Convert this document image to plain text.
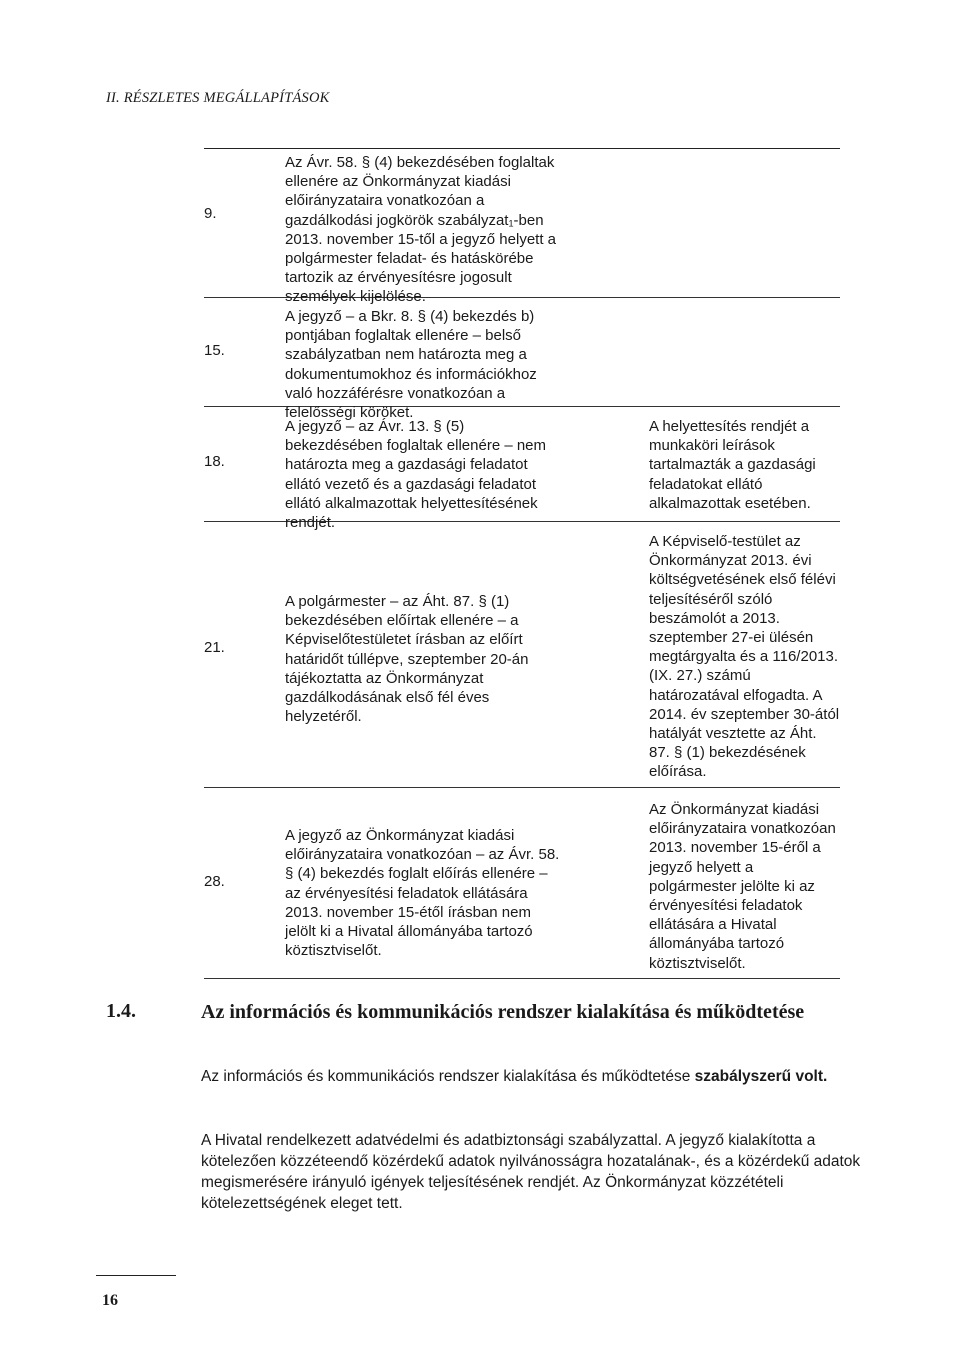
II. RÉSZLETES MEGÁLLAPÍTÁSOK
9.
Az Ávr. 58. § (4) bekezdésében foglaltak ellenére az Önkormányzat kiadási előirányzataira vonatkozóan a gazdálkodási jogkörök szabályzat₁-ben 2013. november 15-től a jegyző helyett a polgármester feladat- és hatáskörébe tartozik az érvényesítésre jogosult személyek kijelölése.
15.
A jegyző – a Bkr. 8. § (4) bekezdés b) pontjában foglaltak ellenére – belső szabályzatban nem határozta meg a dokumentumokhoz és információkhoz való hozzáférésre vonatkozóan a felelősségi köröket.
18.
A jegyző – az Ávr. 13. § (5) bekezdésében foglaltak ellenére – nem határozta meg a gazdasági feladatot ellátó vezető és a gazdasági feladatot ellátó alkalmazottak helyettesítésének rendjét.
A helyettesítés rendjét a munkaköri leírások tartalmazták a gazdasági feladatokat ellátó alkalmazottak esetében.
21.
A polgármester – az Áht. 87. § (1) bekezdésében előírtak ellenére – a Képviselőtestületet írásban az előírt határidőt túllépve, szeptember 20-án tájékoztatta az Önkormányzat gazdálkodásának első fél éves helyzetéről.
A Képviselő-testület az Önkormányzat 2013. évi költségvetésének első félévi teljesítéséről szóló beszámolót a 2013. szeptember 27-ei ülésén megtárgyalta és a 116/2013. (IX. 27.) számú határozatával elfogadta. A 2014. év szeptember 30-ától hatályát vesztette az Áht. 87. § (1) bekezdésének előírása.
28.
A jegyző az Önkormányzat kiadási előirányzataira vonatkozóan – az Ávr. 58. § (4) bekezdés foglalt előírás ellenére – az érvényesítési feladatok ellátására 2013. november 15-étől írásban nem jelölt ki a Hivatal állományába tartozó köztisztviselőt.
Az Önkormányzat kiadási előirányzataira vonatkozóan 2013. november 15-éről a jegyző helyett a polgármester jelölte ki az érvényesítési feladatok ellátására a Hivatal állományába tartozó köztisztviselőt.
1.4.	Az információs és kommunikációs rendszer kialakítása és működtetése
Az információs és kommunikációs rendszer kialakítása és működtetése szabályszerű volt.
A Hivatal rendelkezett adatvédelmi és adatbiztonsági szabályzattal. A jegyző kialakította a kötelezően közzéteendő közérdekű adatok nyilvánosságra hozatalának-, és a közérdekű adatok megismerésére irányuló igények teljesítésének rendjét. Az Önkormányzat közzétételi kötelezettségének eleget tett.
16
